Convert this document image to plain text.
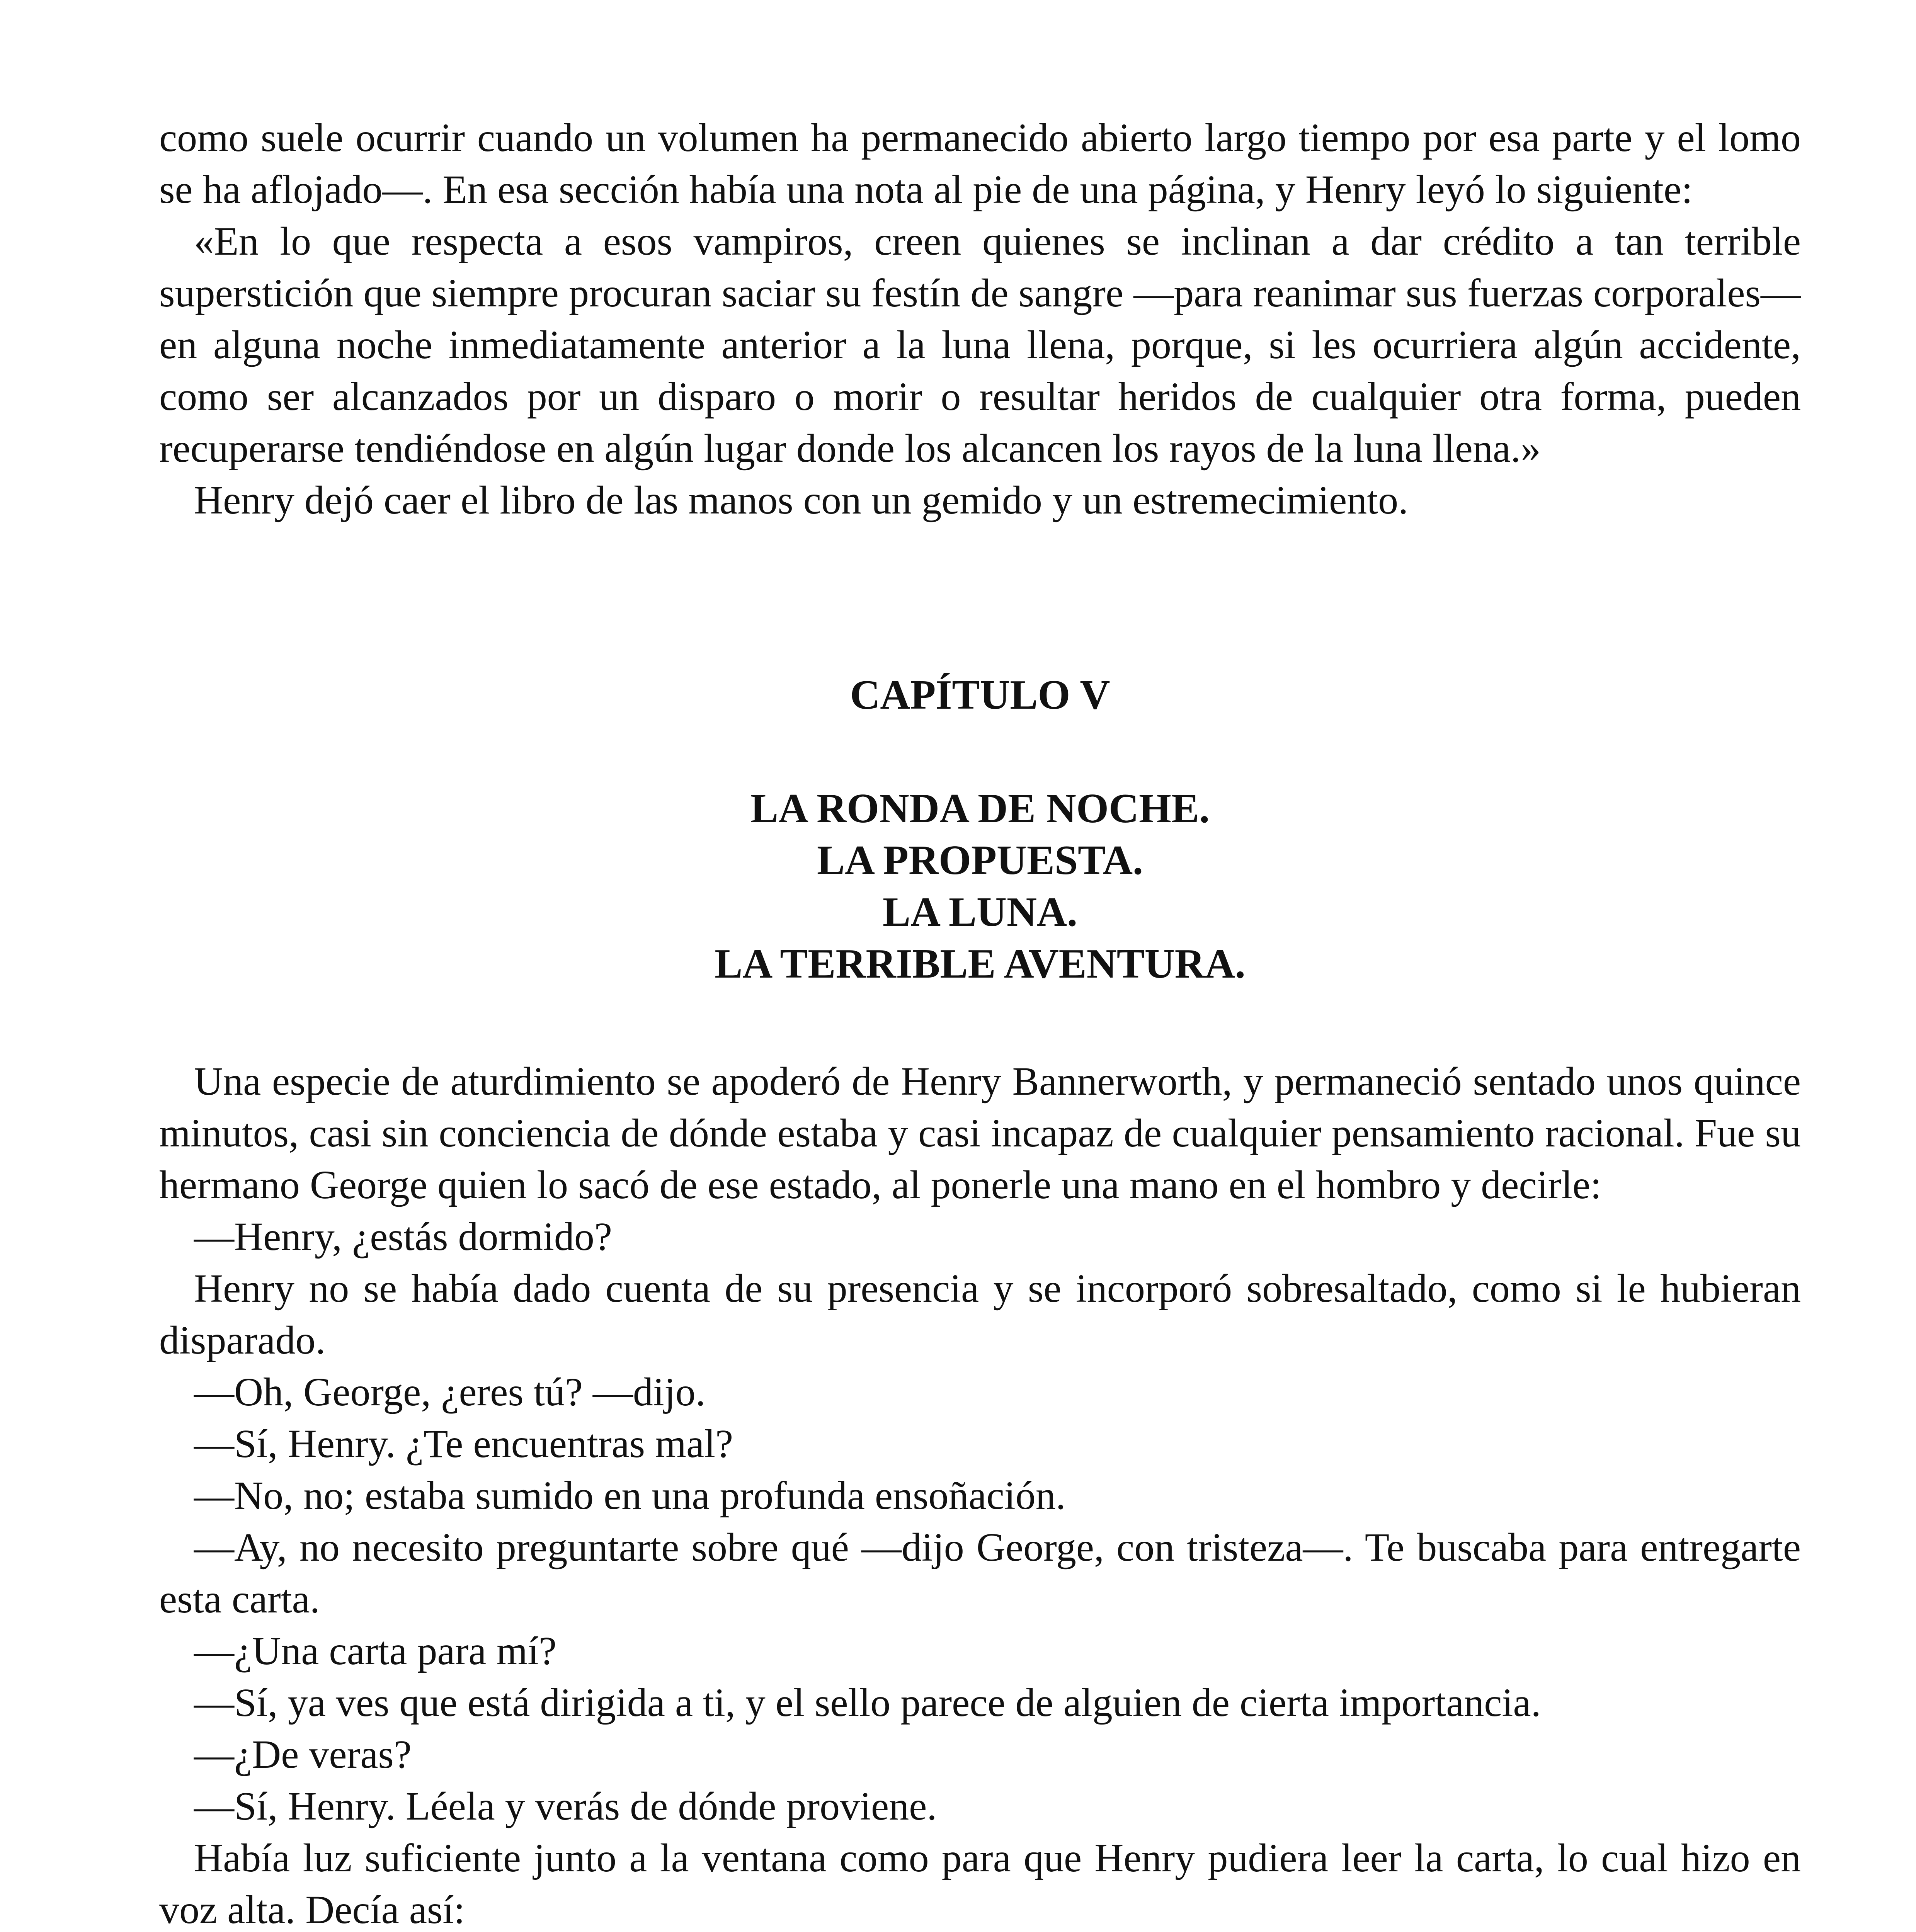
como suele ocurrir cuando un volumen ha permanecido abierto largo tiempo por esa parte y el lomo se ha aflojado—. En esa sección había una nota al pie de una página, y Henry leyó lo siguiente:

«En lo que respecta a esos vampiros, creen quienes se inclinan a dar crédito a tan terrible superstición que siempre procuran saciar su festín de sangre —para reanimar sus fuerzas corporales— en alguna noche inmediatamente anterior a la luna llena, porque, si les ocurriera algún accidente, como ser alcanzados por un disparo o morir o resultar heridos de cualquier otra forma, pueden recuperarse tendiéndose en algún lugar donde los alcancen los rayos de la luna llena.»

Henry dejó caer el libro de las manos con un gemido y un estremecimiento.

CAPÍTULO V
LA RONDA DE NOCHE.
LA PROPUESTA.
LA LUNA.
LA TERRIBLE AVENTURA.

Una especie de aturdimiento se apoderó de Henry Bannerworth, y permaneció sentado unos quince minutos, casi sin conciencia de dónde estaba y casi incapaz de cualquier pensamiento racional. Fue su hermano George quien lo sacó de ese estado, al ponerle una mano en el hombro y decirle:

—Henry, ¿estás dormido?

Henry no se había dado cuenta de su presencia y se incorporó sobresaltado, como si le hubieran disparado.

—Oh, George, ¿eres tú? —dijo.

—Sí, Henry. ¿Te encuentras mal?

—No, no; estaba sumido en una profunda ensoñación.

—Ay, no necesito preguntarte sobre qué —dijo George, con tristeza—. Te buscaba para entregarte esta carta.

—¿Una carta para mí?

—Sí, ya ves que está dirigida a ti, y el sello parece de alguien de cierta importancia.

—¿De veras?

—Sí, Henry. Léela y verás de dónde proviene.

Había luz suficiente junto a la ventana como para que Henry pudiera leer la carta, lo cual hizo en voz alta. Decía así:
